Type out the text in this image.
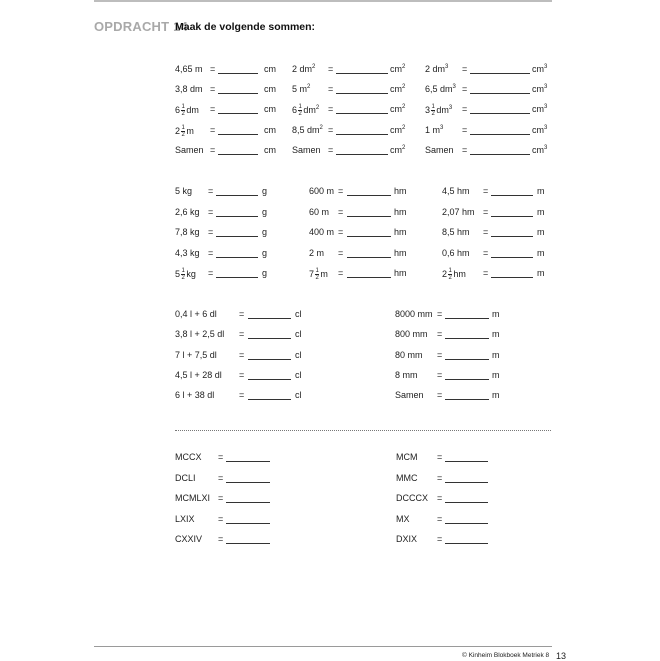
OPDRACHT 14
Maak de volgende sommen:
4,65 m =	cm
3,8 dm =	cm
$6 \frac{1}{2}$ dm =	cm
$2 \frac{1}{2}$ m =	cm
Samen =	cm
2 $dm^2$ =	$cm^2$
5 $m^2$ =	$cm^2$
$6 \frac{1}{2} dm^2$ =	$cm^2$
8,5 $dm^2$ =	$cm^2$
Samen =	$cm^2$
2 $dm^3$ =	$cm^3$
6,5 $dm^3$ =	$cm^3$
$3 \frac{1}{2} dm^3$ =	$cm^3$
1 $m^3$ =	$cm^3$
Samen =	$cm^3$
5 kg =	g
2,6 kg =	g
7,8 kg =	g
4,3 kg =	g
$5 \frac{1}{2}$ kg =	g
600 m =	hm
60 m =	hm
400 m =	hm
2 m =	hm
$7 \frac{1}{2}$ m =	hm
4,5 hm =	m
2,07 hm =	m
8,5 hm =	m
0,6 hm =	m
$2 \frac{1}{2}$ hm =	m
0,4 l + 6 dl =	cl
3,8 l + 2,5 dl =	cl
7 l + 7,5 dl =	cl
4,5 l + 28 dl =	cl
6 l + 38 dl	=	cl
8000 mm =	m
800 mm =	m
80 mm =	m
8 mm =	m
Samen =	m
MCCX =
DCLI =
MCMLXI =
LXIX	=
CXXIV =
MCM =
MMC =
DCCCX =
MX	=
DXIX =
© Kinheim Blokboek Metriek 8 13
